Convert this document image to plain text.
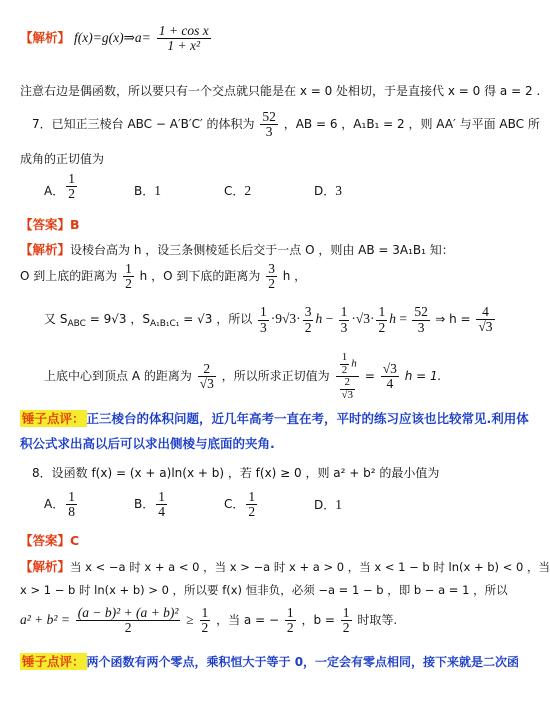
【解析】 f(x)=g(x)⇒a= $\frac{\text{1 + cos x}}{\text{1 + x²}}$
注意右边是偶函数，所以要只有一个交点就只能是在 x = 0 处相切，于是直接代 x = 0 得 a = 2 .
7．已知正三棱台 ABC − A′B′C′ 的体积为 $\frac{52}{3}$ ，AB = 6 ，A₁B₁ = 2 ，则 AA′ 与平面 ABC 所
成角的正切值为
A． $\frac{1}{2}$	B．1	C．2	D．3
【答案】B
【解析】设棱台高为 h ，设三条侧棱延长后交于一点 O ，则由 AB = 3A₁B₁ 知：
O 到上底的距离为 $\frac{1}{2}$ h ，O 到下底的距离为 $\frac{3}{2}$ h ，
又 $S_{ABC} = 9√3$ ，$S_{A_1B_1C_1} = √3$ ，所以 $\frac{1}{3} \cdot 9√3\cdot \frac{3}{2}$ $h - \frac{1}{3} \cdot√3\cdot \frac{1}{2}$ $h = \frac{52}{3}$ ⇒ $h = \frac{4}{√3}$
上底中心到顶点 A 的距离为 $\frac{2}{√3}$ ，所以所求正切值为 $\frac{\frac{1}{2} h}{\frac{2}{√3}} = \frac{√3}{4}$ h = 1.
锤子点评： 正三棱台的体积问题，近几年高考一直在考，平时的练习应该也比较常见.利用体
积公式求出高以后可以求出侧棱与底面的夹角.
8．设函数 f(x) = (x + a)ln(x + b) ，若 f(x) ≥ 0 ，则 a² + b² 的最小值为
A． $\frac{1}{8}$	B． $\frac{1}{4}$	C． $\frac{1}{2}$	D．1
【答案】C
【解析】当 x < −a 时 x + a < 0 ，当 x > −a 时 x + a > 0 ，当 x < 1 − b 时 ln(x + b) < 0 ，当
x > 1 − b 时 ln(x + b) > 0 ，所以要 f(x) 恒非负，必须 −a = 1 − b ，即 b − a = 1 ，所以
$a^2 + b^2 = \frac{\text{(a − b)² + (a + b)²}}{2} \ge \frac{1}{2}$ ，当 a = − $\frac{1}{2}$ ，$b = \frac{1}{2}$ 时取等.
锤子点评： 两个函数有两个零点，乘积恒大于等于 0，一定会有零点相同，接下来就是二次函
